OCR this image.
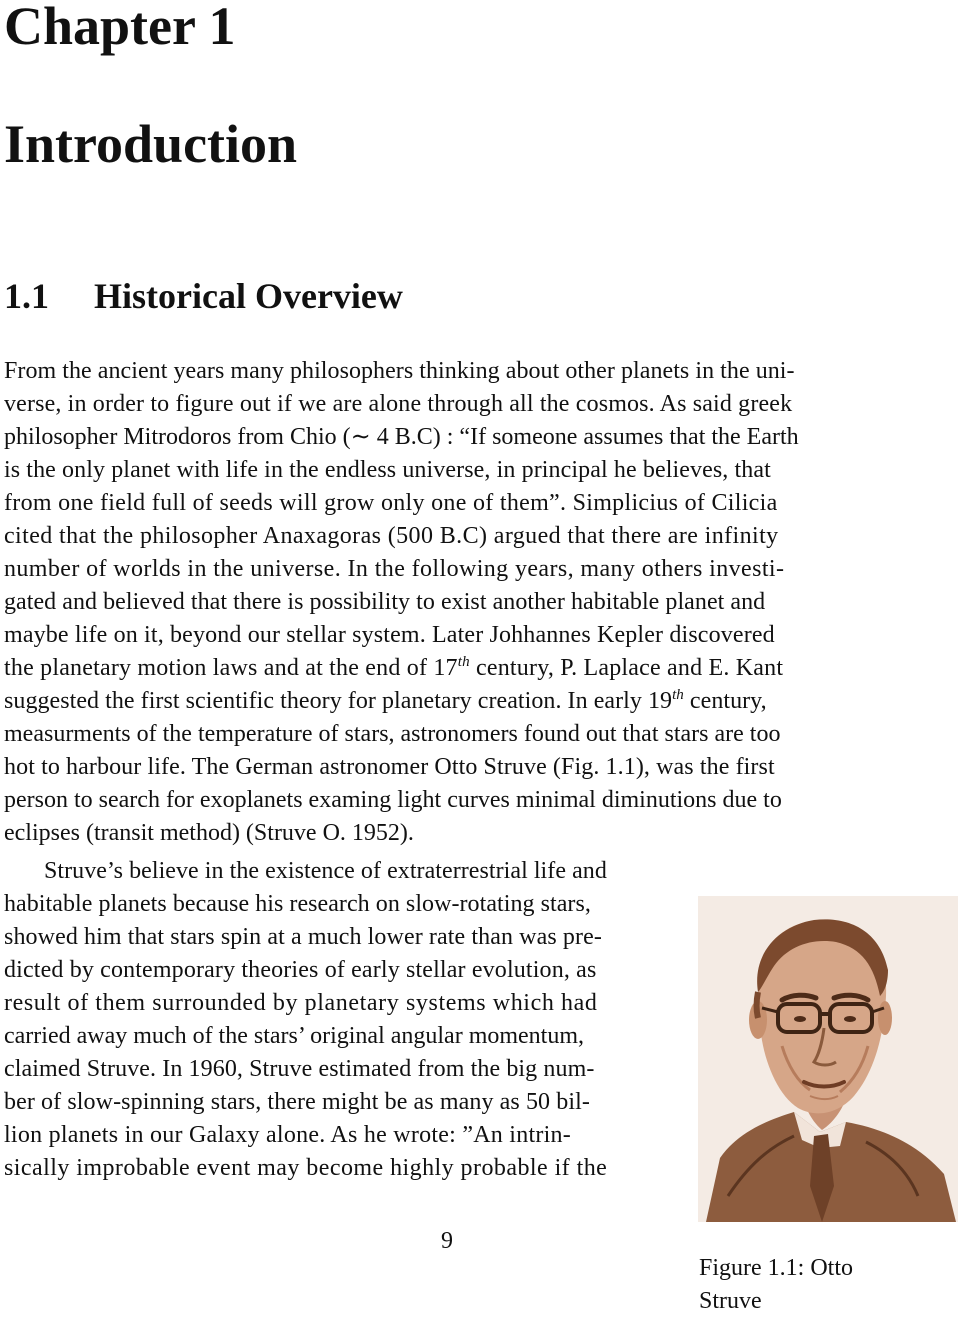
Chapter 1
Introduction
1.1 Historical Overview
From the ancient years many philosophers thinking about other planets in the uni-
verse, in order to figure out if we are alone through all the cosmos. As said greek
philosopher Mitrodoros from Chio (∼ 4 B.C) : “If someone assumes that the Earth
is the only planet with life in the endless universe, in principal he believes, that
from one field full of seeds will grow only one of them”. Simplicius of Cilicia
cited that the philosopher Anaxagoras (500 B.C) argued that there are infinity
number of worlds in the universe. In the following years, many others investi-
gated and believed that there is possibility to exist another habitable planet and
maybe life on it, beyond our stellar system. Later Johhannes Kepler discovered
the planetary motion laws and at the end of 17th century, P. Laplace and E. Kant
suggested the first scientific theory for planetary creation. In early 19th century,
measurments of the temperature of stars, astronomers found out that stars are too
hot to harbour life. The German astronomer Otto Struve (Fig. 1.1), was the first
person to search for exoplanets examing light curves minimal diminutions due to
eclipses (transit method) (Struve O. 1952).
Struve’s believe in the existence of extraterrestrial life and
habitable planets because his research on slow-rotating stars,
showed him that stars spin at a much lower rate than was pre-
dicted by contemporary theories of early stellar evolution, as
result of them surrounded by planetary systems which had
carried away much of the stars’ original angular momentum,
claimed Struve. In 1960, Struve estimated from the big num-
ber of slow-spinning stars, there might be as many as 50 bil-
lion planets in our Galaxy alone. As he wrote: ”An intrin-
sically improbable event may become highly probable if the
Figure 1.1: Otto
Struve
9
